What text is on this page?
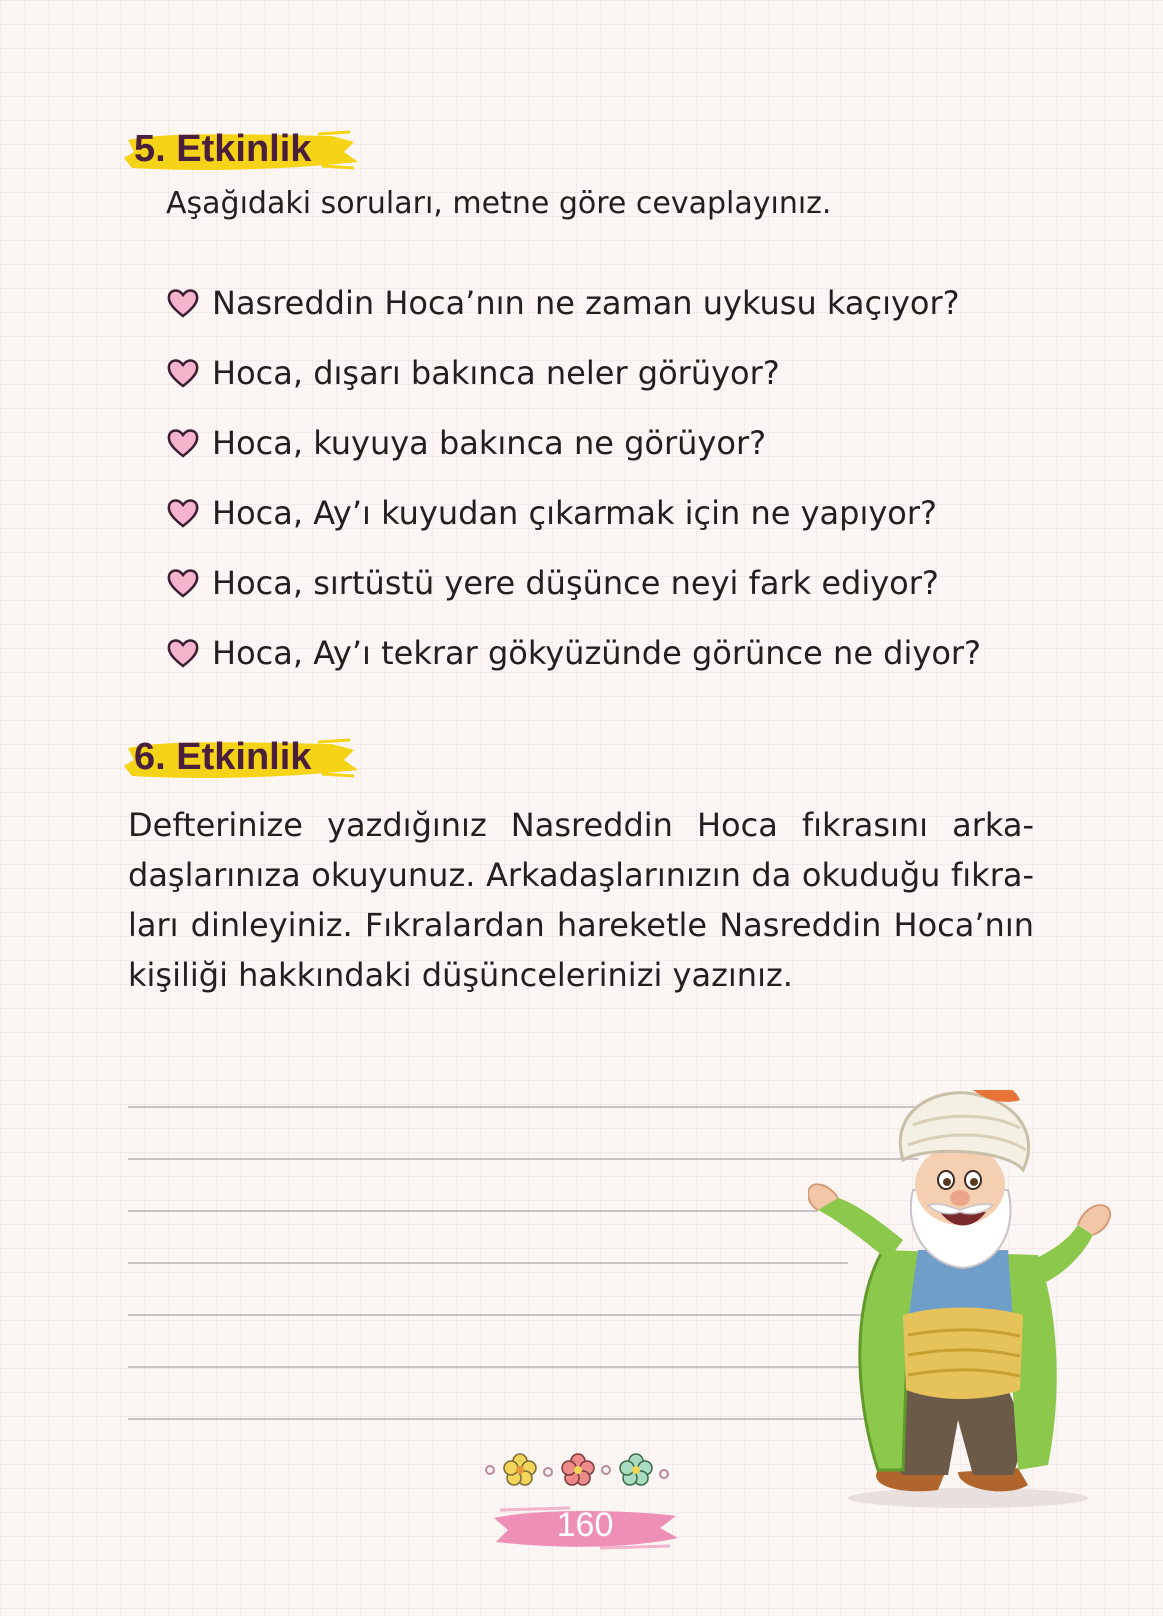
5. Etkinlik
Aşağıdaki soruları, metne göre cevaplayınız.
Nasreddin Hoca’nın ne zaman uykusu kaçıyor?
Hoca, dışarı bakınca neler görüyor?
Hoca, kuyuya bakınca ne görüyor?
Hoca, Ay’ı kuyudan çıkarmak için ne yapıyor?
Hoca, sırtüstü yere düşünce neyi fark ediyor?
Hoca, Ay’ı tekrar gökyüzünde görünce ne diyor?
6. Etkinlik
Defterinize yazdığınız Nasreddin Hoca fıkrasını arka-
daşlarınıza okuyunuz. Arkadaşlarınızın da okuduğu fıkra-
ları dinleyiniz. Fıkralardan hareketle Nasreddin Hoca’nın
kişiliği hakkındaki düşüncelerinizi yazınız.
160
